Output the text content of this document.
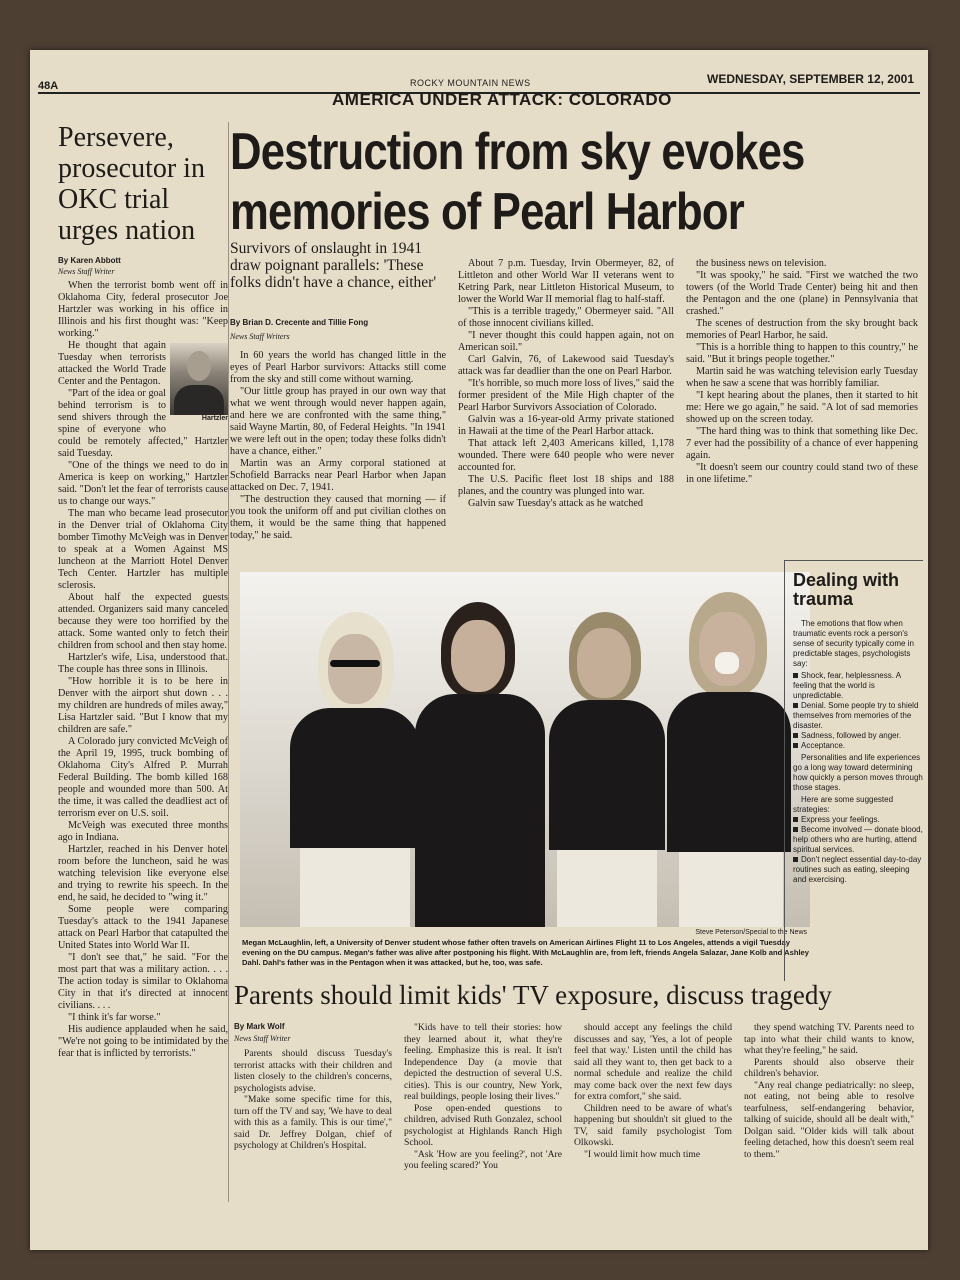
48A	ROCKY MOUNTAIN NEWS	WEDNESDAY, SEPTEMBER 12, 2001
AMERICA UNDER ATTACK: COLORADO
Persevere, prosecutor in OKC trial urges nation
By Karen Abbott
News Staff Writer

When the terrorist bomb went off in Oklahoma City, federal prosecutor Joe Hartzler was working in his office in Illinois and his first thought was: "Keep working."

Hartzler

He thought that again Tuesday when terrorists attacked the World Trade Center and the Pentagon.

"Part of the idea or goal behind terrorism is to send shivers through the spine of everyone who could be remotely affected," Hartzler said Tuesday.

"One of the things we need to do in America is keep on working," Hartzler said. "Don't let the fear of terrorists cause us to change our ways."

The man who became lead prosecutor in the Denver trial of Oklahoma City bomber Timothy McVeigh was in Denver to speak at a Women Against MS luncheon at the Marriott Hotel Denver Tech Center. Hartzler has multiple sclerosis.

About half the expected guests attended. Organizers said many canceled because they were too horrified by the attack. Some wanted only to fetch their children from school and then stay home.

Hartzler's wife, Lisa, understood that. The couple has three sons in Illinois.

"How horrible it is to be here in Denver with the airport shut down . . . my children are hundreds of miles away," Lisa Hartzler said. "But I know that my children are safe."

A Colorado jury convicted McVeigh of the April 19, 1995, truck bombing of Oklahoma City's Alfred P. Murrah Federal Building. The bomb killed 168 people and wounded more than 500. At the time, it was called the deadliest act of terrorism ever on U.S. soil.

McVeigh was executed three months ago in Indiana.

Hartzler, reached in his Denver hotel room before the luncheon, said he was watching television like everyone else and trying to rewrite his speech. In the end, he said, he decided to "wing it."

Some people were comparing Tuesday's attack to the 1941 Japanese attack on Pearl Harbor that catapulted the United States into World War II.

"I don't see that," he said. "For the most part that was a military action. . . . The action today is similar to Oklahoma City in that it's directed at innocent civilians. . . .

"I think it's far worse."

His audience applauded when he said, "We're not going to be intimidated by the fear that is inflicted by terrorists."

Destruction from sky evokes memories of Pearl Harbor
Survivors of onslaught in 1941 draw poignant parallels: 'These folks didn't have a chance, either'
By Brian D. Crecente and Tillie Fong
News Staff Writers

In 60 years the world has changed little in the eyes of Pearl Harbor survivors: Attacks still come from the sky and still come without warning.

"Our little group has prayed in our own way that what we went through would never happen again, and here we are confronted with the same thing," said Wayne Martin, 80, of Federal Heights. "In 1941 we were left out in the open; today these folks didn't have a chance, either."

Martin was an Army corporal stationed at Schofield Barracks near Pearl Harbor when Japan attacked on Dec. 7, 1941.

"The destruction they caused that morning — if you took the uniform off and put civilian clothes on them, it would be the same thing that happened today," he said.

About 7 p.m. Tuesday, Irvin Obermeyer, 82, of Littleton and other World War II veterans went to Ketring Park, near Littleton Historical Museum, to lower the World War II memorial flag to half-staff.

"This is a terrible tragedy," Obermeyer said. "All of those innocent civilians killed.

"I never thought this could happen again, not on American soil."

Carl Galvin, 76, of Lakewood said Tuesday's attack was far deadlier than the one on Pearl Harbor.

"It's horrible, so much more loss of lives," said the former president of the Mile High chapter of the Pearl Harbor Survivors Association of Colorado.

Galvin was a 16-year-old Army private stationed in Hawaii at the time of the Pearl Harbor attack.

That attack left 2,403 Americans killed, 1,178 wounded. There were 640 people who were never accounted for.

The U.S. Pacific fleet lost 18 ships and 188 planes, and the country was plunged into war.

Galvin saw Tuesday's attack as he watched

the business news on television.

"It was spooky," he said. "First we watched the two towers (of the World Trade Center) being hit and then the Pentagon and the one (plane) in Pennsylvania that crashed."

The scenes of destruction from the sky brought back memories of Pearl Harbor, he said.

"This is a horrible thing to happen to this country," he said. "But it brings people together."

Martin said he was watching television early Tuesday when he saw a scene that was horribly familiar.

"I kept hearing about the planes, then it started to hit me: Here we go again," he said. "A lot of sad memories showed up on the screen today.

"The hard thing was to think that something like Dec. 7 ever had the possibility of a chance of ever happening again.

"It doesn't seem our country could stand two of these in one lifetime."

Steve Peterson/Special to the News
Megan McLaughlin, left, a University of Denver student whose father often travels on American Airlines Flight 11 to Los Angeles, attends a vigil Tuesday evening on the DU campus. Megan's father was alive after postponing his flight. With McLaughlin are, from left, friends Angela Salazar, Jane Kolb and Ashley Dahl. Dahl's father was in the Pentagon when it was attacked, but he, too, was safe.
Dealing with trauma
The emotions that flow when traumatic events rock a person's sense of security typically come in predictable stages, psychologists say:
Shock, fear, helplessness. A feeling that the world is unpredictable.
Denial. Some people try to shield themselves from memories of the disaster.
Sadness, followed by anger.
Acceptance.
Personalities and life experiences go a long way toward determining how quickly a person moves through those stages.
Here are some suggested strategies:
Express your feelings.
Become involved — donate blood, help others who are hurting, attend spiritual services.
Don't neglect essential day-to-day routines such as eating, sleeping and exercising.
Parents should limit kids' TV exposure, discuss tragedy
By Mark Wolf
News Staff Writer

Parents should discuss Tuesday's terrorist attacks with their children and listen closely to the children's concerns, psychologists advise.

"Make some specific time for this, turn off the TV and say, 'We have to deal with this as a family. This is our time'," said Dr. Jeffrey Dolgan, chief of psychology at Children's Hospital.

"Kids have to tell their stories: how they learned about it, what they're feeling. Emphasize this is real. It isn't Independence Day (a movie that depicted the destruction of several U.S. cities). This is our country, New York, real buildings, people losing their lives."

Pose open-ended questions to children, advised Ruth Gonzalez, school psychologist at Highlands Ranch High School.

"Ask 'How are you feeling?', not 'Are you feeling scared?' You

should accept any feelings the child discusses and say, 'Yes, a lot of people feel that way.' Listen until the child has said all they want to, then get back to a normal schedule and realize the child may come back over the next few days for extra comfort," she said.

Children need to be aware of what's happening but shouldn't sit glued to the TV, said family psychologist Tom Olkowski.

"I would limit how much time

they spend watching TV. Parents need to tap into what their child wants to know, what they're feeling," he said.

Parents should also observe their children's behavior.

"Any real change pediatrically: no sleep, not eating, not being able to resolve tearfulness, self-endangering behavior, talking of suicide, should all be dealt with," Dolgan said. "Older kids will talk about feeling detached, how this doesn't seem real to them."
